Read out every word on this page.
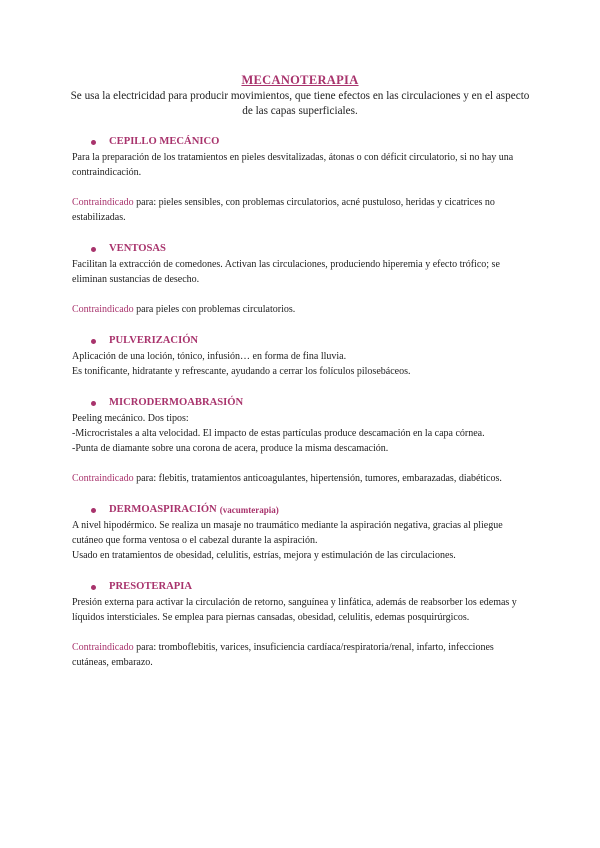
MECANOTERAPIA

Se usa la electricidad para producir movimientos, que tiene efectos en las circulaciones y en el aspecto de las capas superficiales.

CEPILLO MECÁNICO

Para la preparación de los tratamientos en pieles desvitalizadas, átonas o con déficit circulatorio, si no hay una contraindicación.

Contraindicado para: pieles sensibles, con problemas circulatorios, acné pustuloso, heridas y cicatrices no estabilizadas.

VENTOSAS

Facilitan la extracción de comedones. Activan las circulaciones, produciendo hiperemia y efecto trófico; se eliminan sustancias de desecho.

Contraindicado para pieles con problemas circulatorios.

PULVERIZACIÓN

Aplicación de una loción, tónico, infusión… en forma de fina lluvia.

Es tonificante, hidratante y refrescante, ayudando a cerrar los folículos pilosebáceos.

MICRODERMOABRASIÓN

Peeling mecánico. Dos tipos:

-Microcristales a alta velocidad. El impacto de estas partículas produce descamación en la capa córnea.

-Punta de diamante sobre una corona de acera, produce la misma descamación.

Contraindicado para: flebitis, tratamientos anticoagulantes, hipertensión, tumores, embarazadas, diabéticos.

DERMOASPIRACIÓN (vacumterapia)

A nivel hipodérmico. Se realiza un masaje no traumático mediante la aspiración negativa, gracias al pliegue cutáneo que forma ventosa o el cabezal durante la aspiración.

Usado en tratamientos de obesidad, celulitis, estrías, mejora y estimulación de las circulaciones.

PRESOTERAPIA

Presión externa para activar la circulación de retorno, sanguínea y linfática, además de reabsorber los edemas y líquidos intersticiales. Se emplea para piernas cansadas, obesidad, celulitis, edemas posquirúrgicos.

Contraindicado para: tromboflebitis, varices, insuficiencia cardíaca/respiratoria/renal, infarto, infecciones cutáneas, embarazo.
